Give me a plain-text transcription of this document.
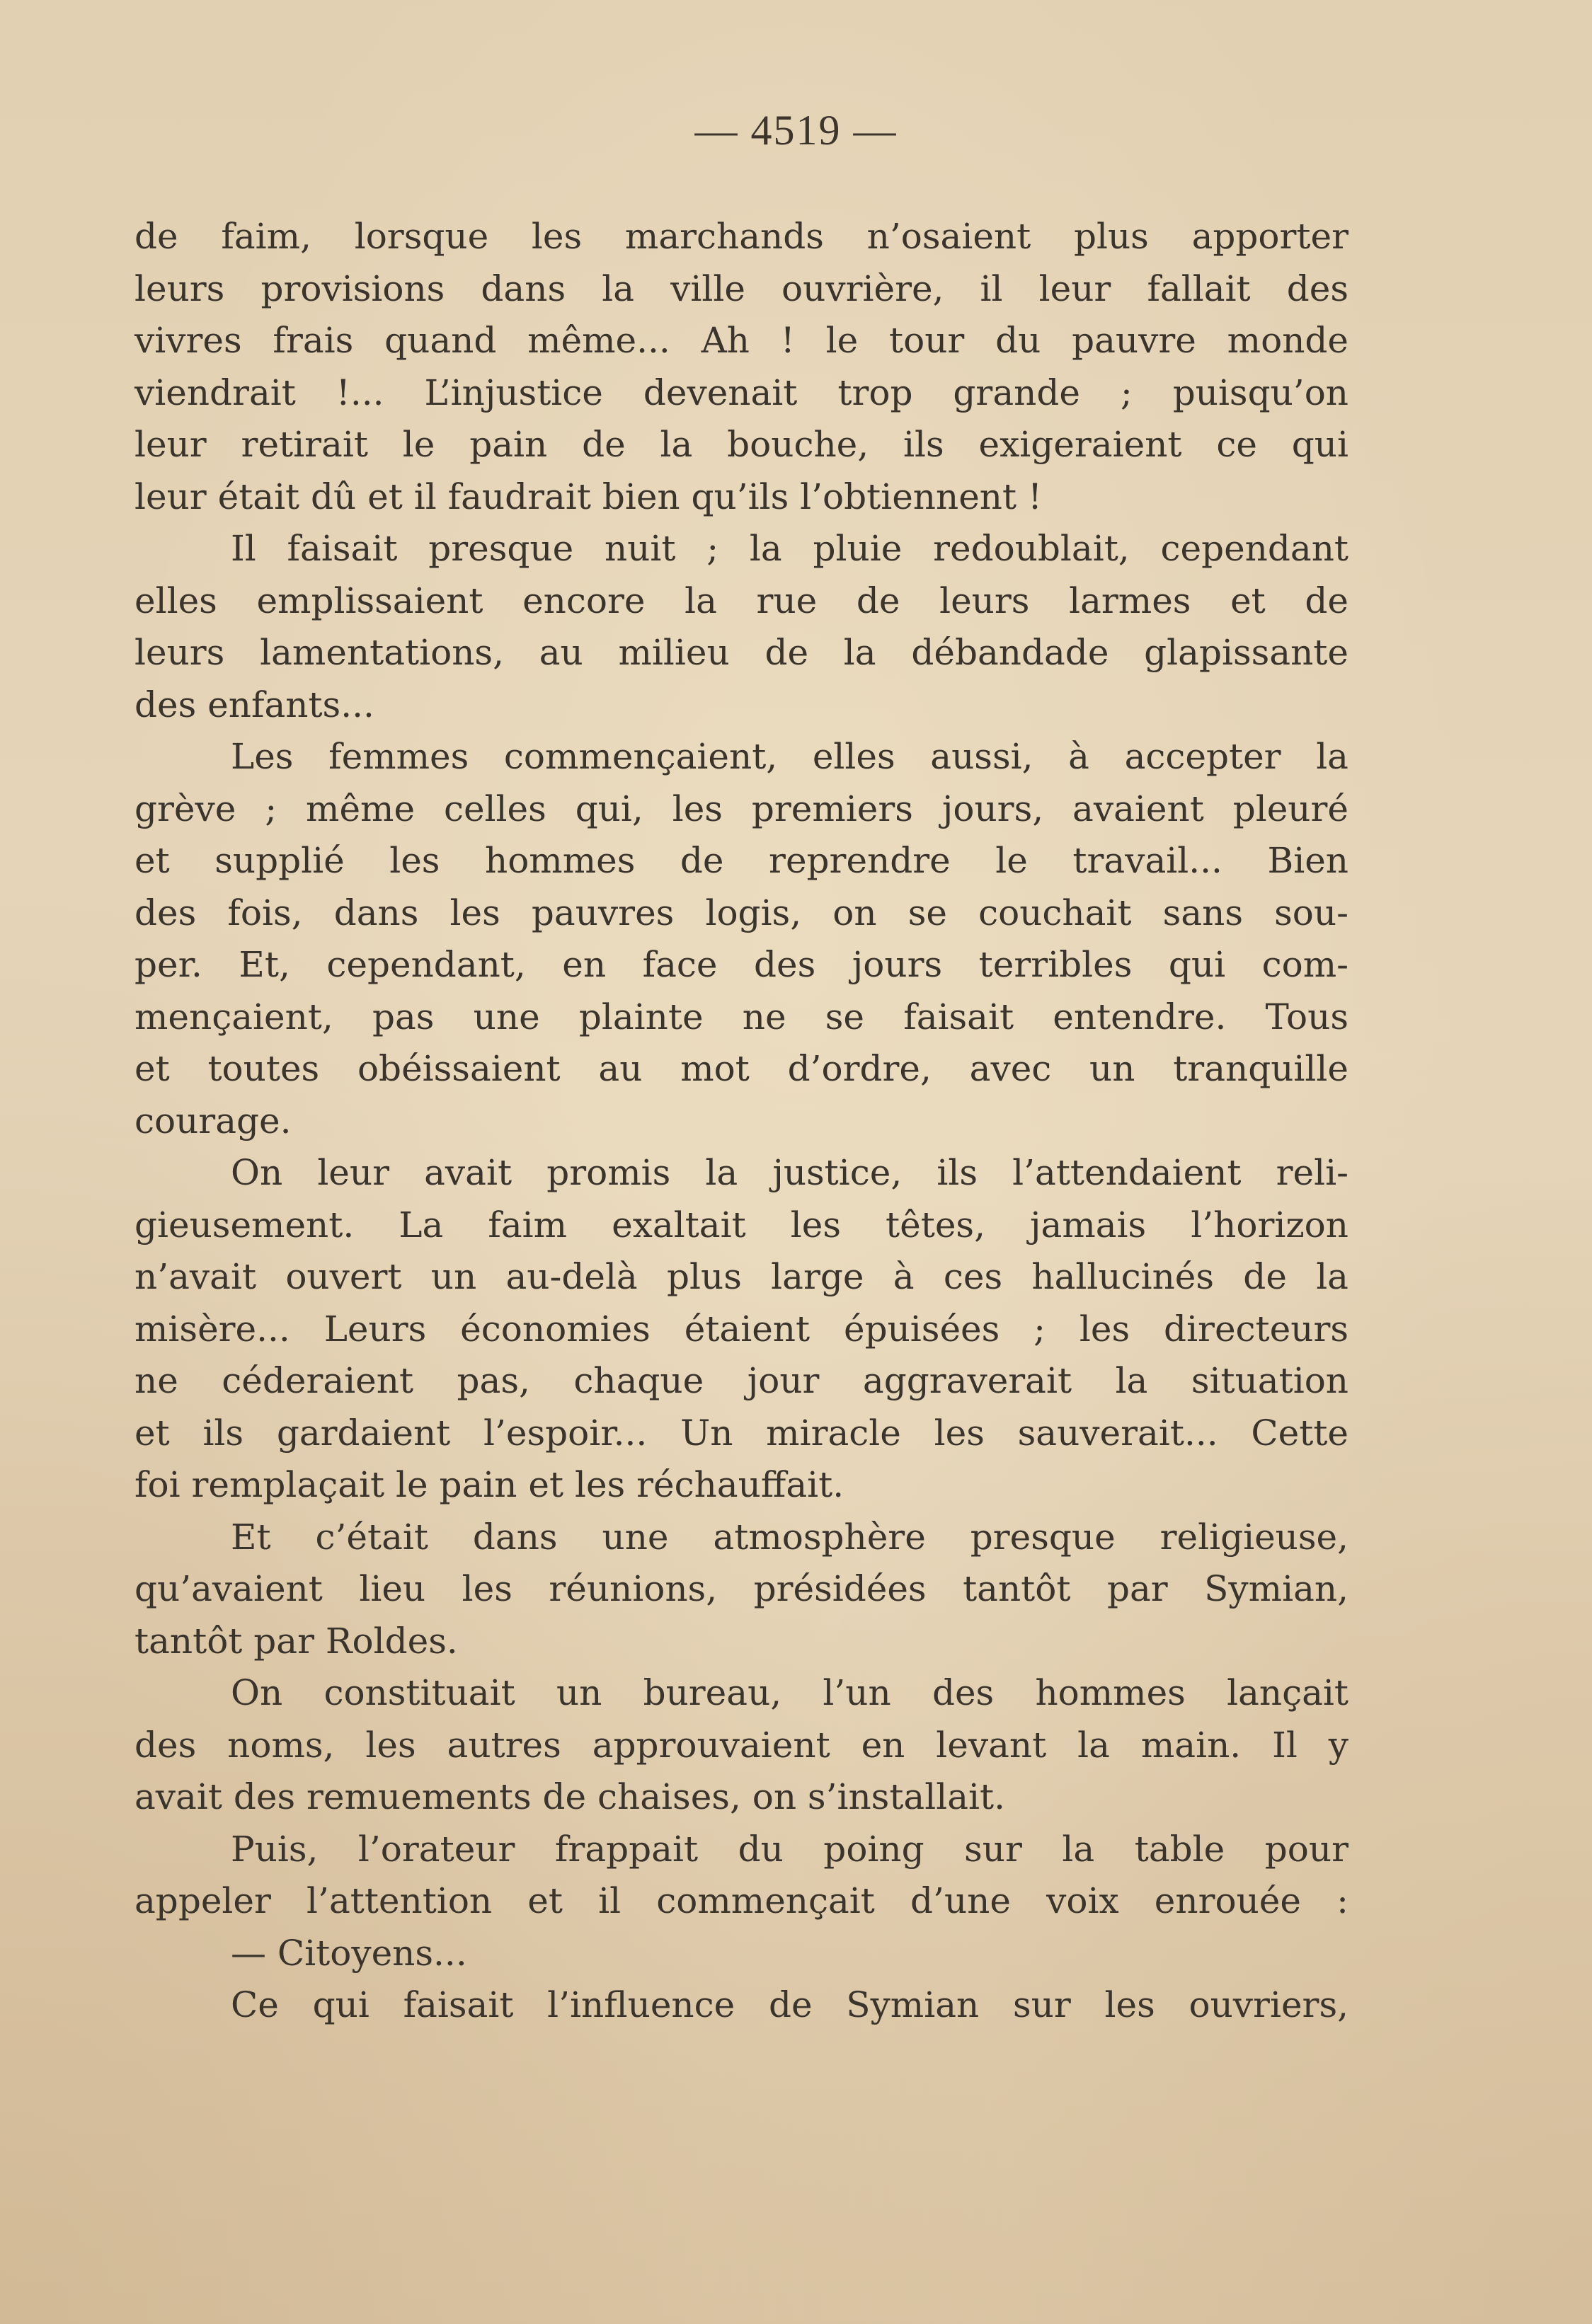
— 4519 —
de faim, lorsque les marchands n’osaient plus apporter
leurs provisions dans la ville ouvrière, il leur fallait des
vivres frais quand même... Ah ! le tour du pauvre monde
viendrait !... L’injustice devenait trop grande ; puisqu’on
leur retirait le pain de la bouche, ils exigeraient ce qui
leur était dû et il faudrait bien qu’ils l’obtiennent !
Il faisait presque nuit ; la pluie redoublait, cependant
elles emplissaient encore la rue de leurs larmes et de
leurs lamentations, au milieu de la débandade glapissante
des enfants...
Les femmes commençaient, elles aussi, à accepter la
grève ; même celles qui, les premiers jours, avaient pleuré
et supplié les hommes de reprendre le travail... Bien
des fois, dans les pauvres logis, on se couchait sans sou-
per. Et, cependant, en face des jours terribles qui com-
mençaient, pas une plainte ne se faisait entendre. Tous
et toutes obéissaient au mot d’ordre, avec un tranquille
courage.
On leur avait promis la justice, ils l’attendaient reli-
gieusement. La faim exaltait les têtes, jamais l’horizon
n’avait ouvert un au-delà plus large à ces hallucinés de la
misère... Leurs économies étaient épuisées ; les directeurs
ne céderaient pas, chaque jour aggraverait la situation
et ils gardaient l’espoir... Un miracle les sauverait... Cette
foi remplaçait le pain et les réchauffait.
Et c’était dans une atmosphère presque religieuse,
qu’avaient lieu les réunions, présidées tantôt par Symian,
tantôt par Roldes.
On constituait un bureau, l’un des hommes lançait
des noms, les autres approuvaient en levant la main. Il y
avait des remuements de chaises, on s’installait.
Puis, l’orateur frappait du poing sur la table pour
appeler l’attention et il commençait d’une voix enrouée :
— Citoyens...
Ce qui faisait l’influence de Symian sur les ouvriers,
